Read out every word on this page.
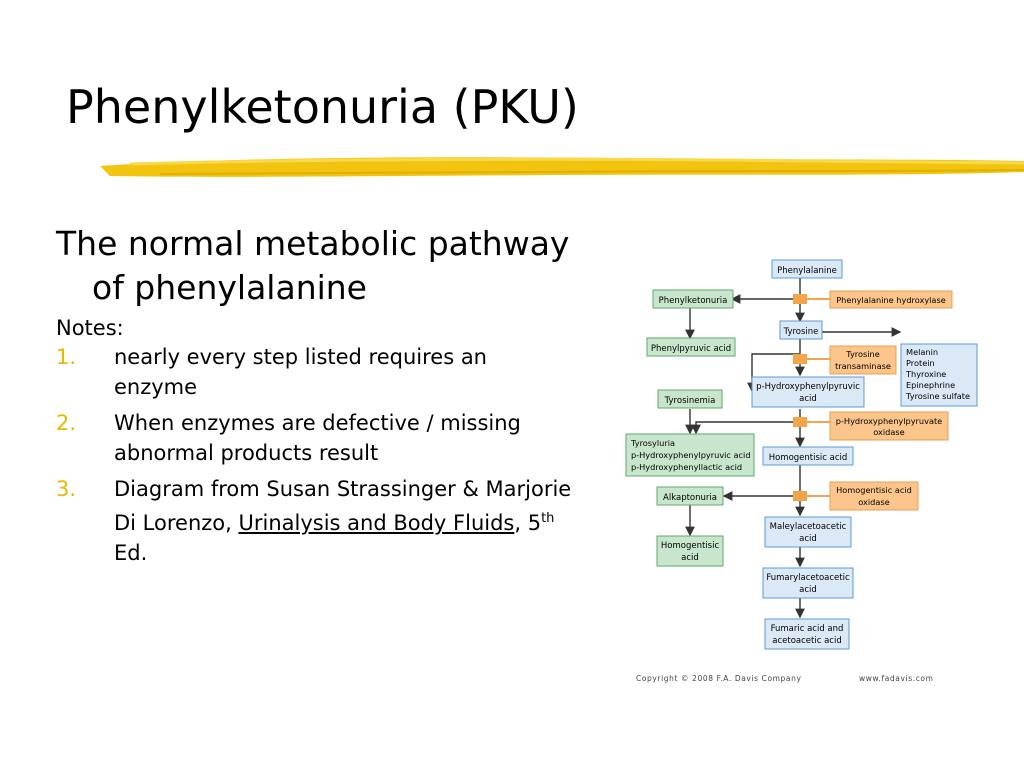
Phenylketonuria (PKU)

The normal metabolic pathway of phenylalanine

Notes:

1. nearly every step listed requires an enzyme
2. When enzymes are defective / missing abnormal products result
3. Diagram from Susan Strassinger & Marjorie Di Lorenzo, Urinalysis and Body Fluids, 5th Ed.
Phenylalanine
Tyrosine
p-Hydroxyphenylpyruvic
acid
Homogentisic acid
Maleylacetoacetic
acid
Fumarylacetoacetic
acid
Fumaric acid and
acetoacetic acid
Phenylalanine hydroxylase
Tyrosine
transaminase
p-Hydroxyphenylpyruvate
oxidase
Homogentisic acid
oxidase
Melanin
Protein
Thyroxine
Epinephrine
Tyrosine sulfate
Phenylketonuria
Phenylpyruvic acid
Tyrosinemia
Tyrosyluria
p-Hydroxyphenylpyruvic acid
p-Hydroxyphenyllactic acid
Alkaptonuria
Homogentisic
acid
Copyright © 2008 F.A. Davis Company	www.fadavis.com
